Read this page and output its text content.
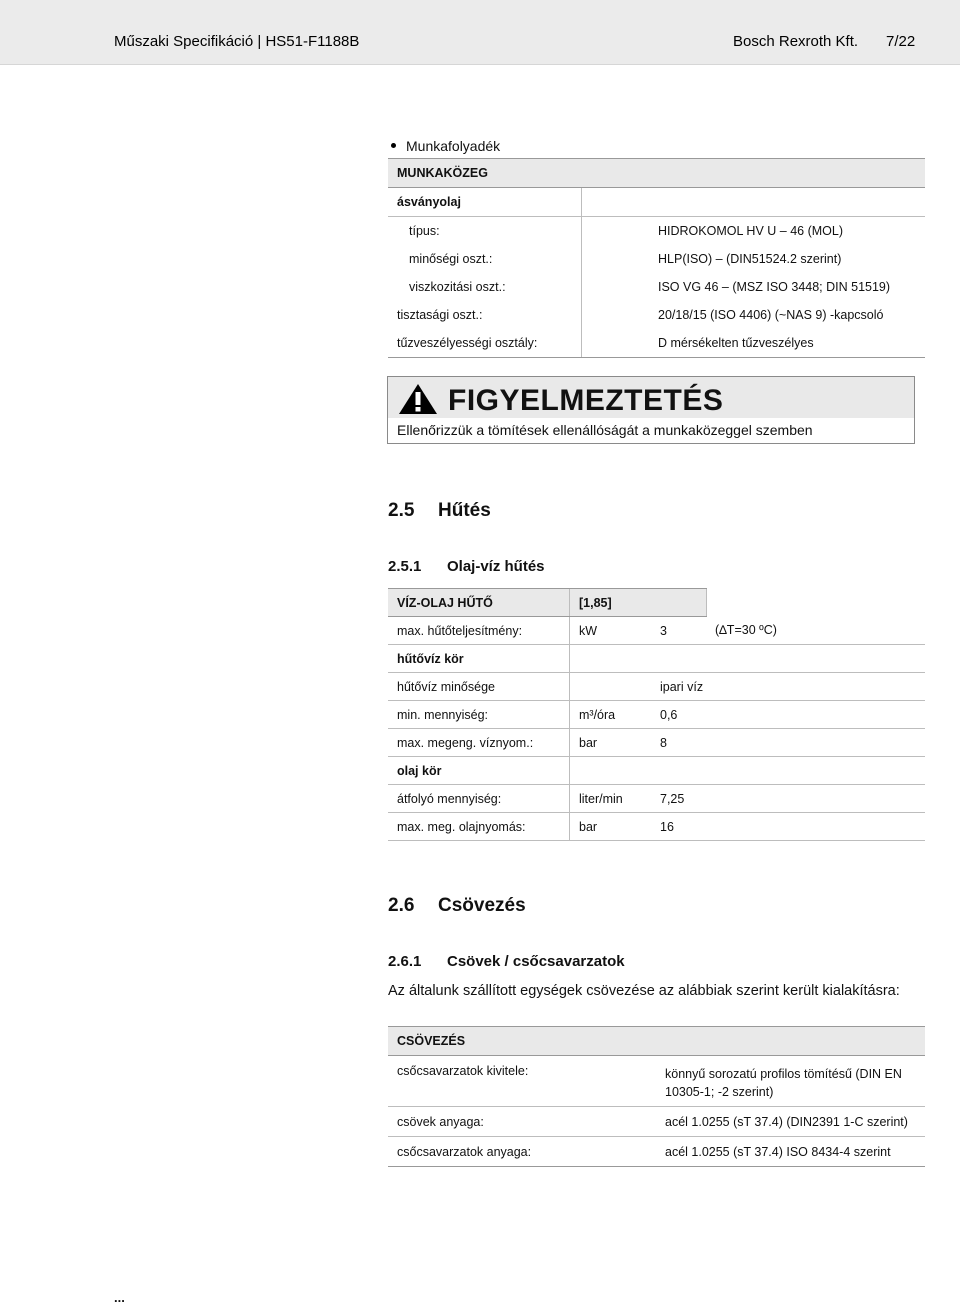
Műszaki Specifikáció | HS51-F1188B	Bosch Rexroth Kft. 7/22
Munkafolyadék
MUNKAKÖZEG	
ásványolaj	
típus:	HIDROKOMOL HV U – 46 (MOL)
minőségi oszt.:	HLP(ISO) – (DIN51524.2 szerint)
viszkozitási oszt.:	ISO VG 46 – (MSZ ISO 3448; DIN 51519)
tisztasági oszt.:	20/18/15 (ISO 4406) (~NAS 9) -kapcsoló
tűzveszélyességi osztály:	D mérsékelten tűzveszélyes
FIGYELMEZTETÉS
Ellenőrizzük a tömítések ellenállóságát a munkaközeggel szemben
2.5 Hűtés
2.5.1 Olaj-víz hűtés
VÍZ-OLAJ HŰTŐ	[1,85]		
max. hűtőteljesítmény:	kW	3	(∆T=30 ºC)
hűtővíz kör			
hűtővíz minősége		ipari víz	
min. mennyiség:	m³/óra	0,6	
max. megeng. víznyom.:	bar	8	
olaj kör			
átfolyó mennyiség:	liter/min	7,25	
max. meg. olajnyomás:	bar	16	
2.6 Csövezés
2.6.1 Csövek / csőcsavarzatok
Az általunk szállított egységek csövezése az alábbiak szerint került kialakításra:
CSÖVEZÉS	
csőcsavarzatok kivitele:	könnyű sorozatú profilos tömítésű (DIN EN
10305-1; -2 szerint)

csövek anyaga:	acél 1.0255 (sT 37.4) (DIN2391 1-C szerint)
csőcsavarzatok anyaga:	acél 1.0255 (sT 37.4) ISO 8434-4 szerint
...
